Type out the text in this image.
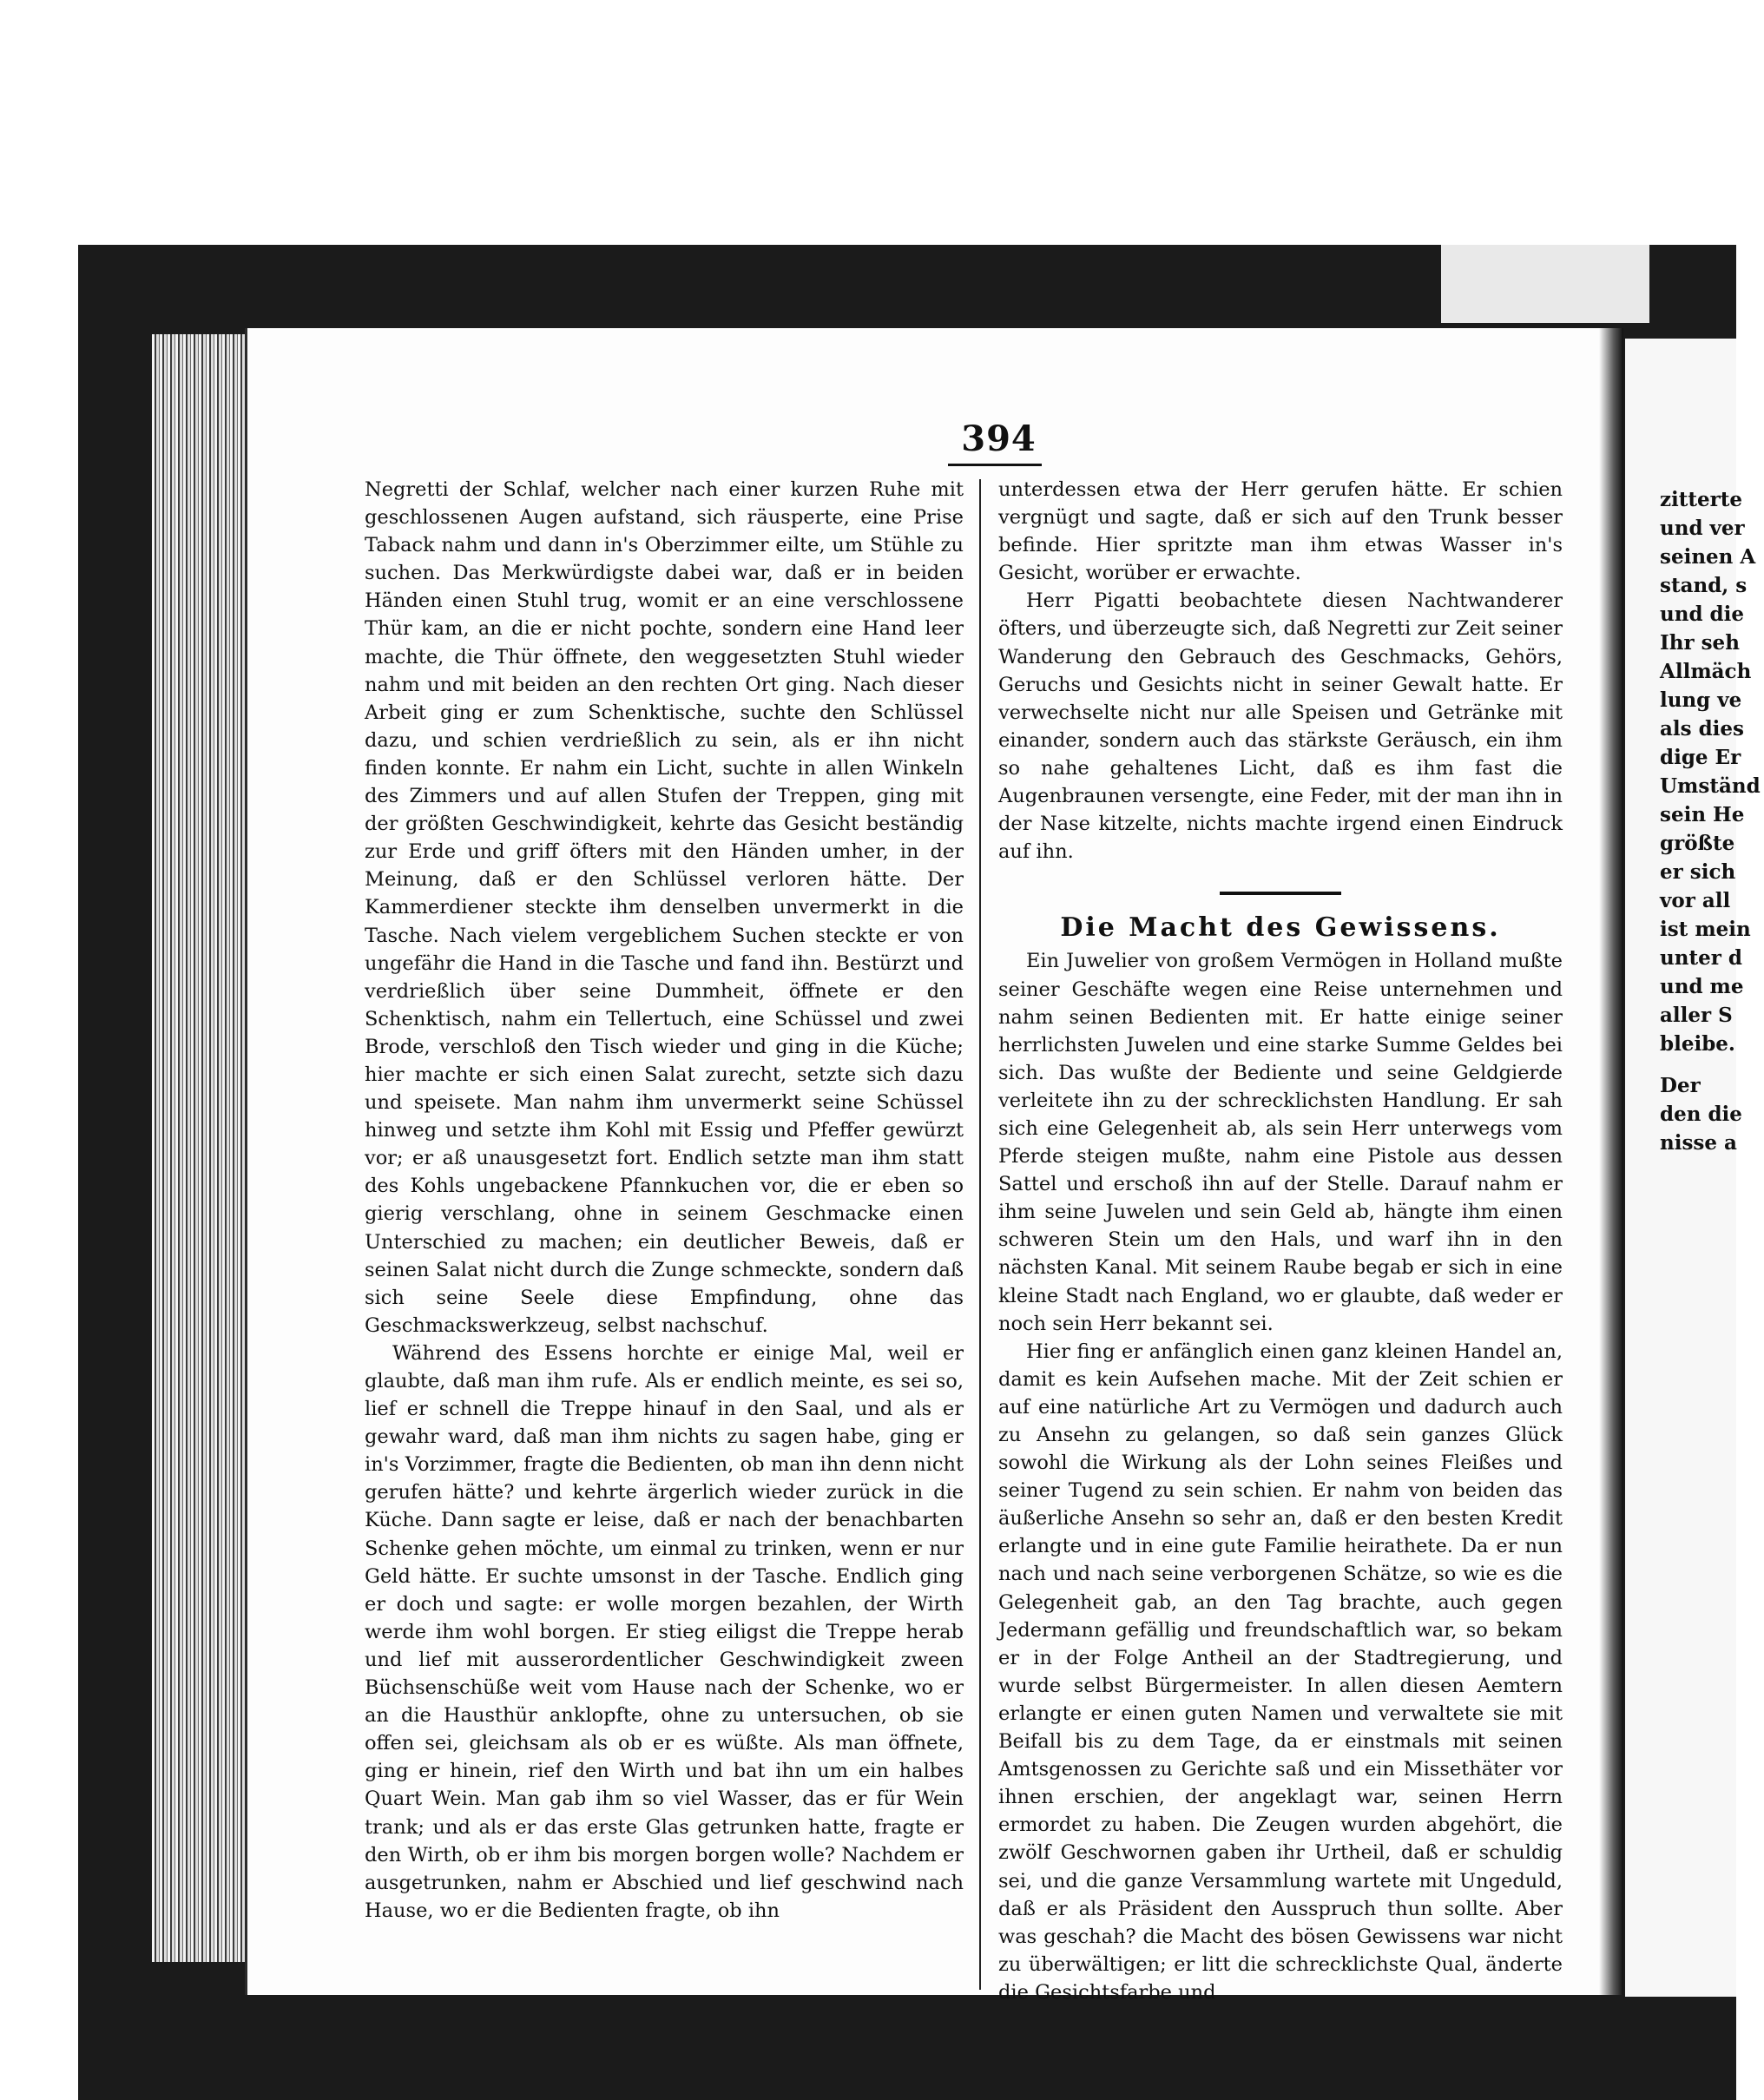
zitterte
und ver
seinen A
stand, s
und die
Ihr seh
Allmäch
lung ve
als dies
dige Er
Umständ
sein He
größte
er sich
vor all
ist mein
unter d
und me
aller S
bleibe.
Der
den die
nisse a
394

Negretti der Schlaf, welcher nach einer kurzen Ruhe mit geschlossenen Augen aufstand, sich räusperte, eine Prise Taback nahm und dann in's Oberzimmer eilte, um Stühle zu suchen. Das Merkwürdigste dabei war, daß er in beiden Händen einen Stuhl trug, womit er an eine verschlossene Thür kam, an die er nicht pochte, sondern eine Hand leer machte, die Thür öffnete, den weggesetzten Stuhl wieder nahm und mit beiden an den rechten Ort ging. Nach dieser Arbeit ging er zum Schenktische, suchte den Schlüssel dazu, und schien verdrießlich zu sein, als er ihn nicht finden konnte. Er nahm ein Licht, suchte in allen Winkeln des Zimmers und auf allen Stufen der Treppen, ging mit der größten Geschwindigkeit, kehrte das Gesicht beständig zur Erde und griff öfters mit den Händen umher, in der Meinung, daß er den Schlüssel verloren hätte. Der Kammerdiener steckte ihm denselben unvermerkt in die Tasche. Nach vielem vergeblichem Suchen steckte er von ungefähr die Hand in die Tasche und fand ihn. Bestürzt und verdrießlich über seine Dummheit, öffnete er den Schenktisch, nahm ein Tellertuch, eine Schüssel und zwei Brode, verschloß den Tisch wieder und ging in die Küche; hier machte er sich einen Salat zurecht, setzte sich dazu und speisete. Man nahm ihm unvermerkt seine Schüssel hinweg und setzte ihm Kohl mit Essig und Pfeffer gewürzt vor; er aß unausgesetzt fort. Endlich setzte man ihm statt des Kohls ungebackene Pfannkuchen vor, die er eben so gierig verschlang, ohne in seinem Geschmacke einen Unterschied zu machen; ein deutlicher Beweis, daß er seinen Salat nicht durch die Zunge schmeckte, sondern daß sich seine Seele diese Empfindung, ohne das Geschmackswerkzeug, selbst nachschuf.

Während des Essens horchte er einige Mal, weil er glaubte, daß man ihm rufe. Als er endlich meinte, es sei so, lief er schnell die Treppe hinauf in den Saal, und als er gewahr ward, daß man ihm nichts zu sagen habe, ging er in's Vorzimmer, fragte die Bedienten, ob man ihn denn nicht gerufen hätte? und kehrte ärgerlich wieder zurück in die Küche. Dann sagte er leise, daß er nach der benachbarten Schenke gehen möchte, um einmal zu trinken, wenn er nur Geld hätte. Er suchte umsonst in der Tasche. Endlich ging er doch und sagte: er wolle morgen bezahlen, der Wirth werde ihm wohl borgen. Er stieg eiligst die Treppe herab und lief mit ausserordentlicher Geschwindigkeit zween Büchsenschüße weit vom Hause nach der Schenke, wo er an die Hausthür anklopfte, ohne zu untersuchen, ob sie offen sei, gleichsam als ob er es wüßte. Als man öffnete, ging er hinein, rief den Wirth und bat ihn um ein halbes Quart Wein. Man gab ihm so viel Wasser, das er für Wein trank; und als er das erste Glas getrunken hatte, fragte er den Wirth, ob er ihm bis morgen borgen wolle? Nachdem er ausgetrunken, nahm er Abschied und lief geschwind nach Hause, wo er die Bedienten fragte, ob ihn

unterdessen etwa der Herr gerufen hätte. Er schien vergnügt und sagte, daß er sich auf den Trunk besser befinde. Hier spritzte man ihm etwas Wasser in's Gesicht, worüber er erwachte.

Herr Pigatti beobachtete diesen Nachtwanderer öfters, und überzeugte sich, daß Negretti zur Zeit seiner Wanderung den Gebrauch des Geschmacks, Gehörs, Geruchs und Gesichts nicht in seiner Gewalt hatte. Er verwechselte nicht nur alle Speisen und Getränke mit einander, sondern auch das stärkste Geräusch, ein ihm so nahe gehaltenes Licht, daß es ihm fast die Augenbraunen versengte, eine Feder, mit der man ihn in der Nase kitzelte, nichts machte irgend einen Eindruck auf ihn.

Die Macht des Gewissens.

Ein Juwelier von großem Vermögen in Holland mußte seiner Geschäfte wegen eine Reise unternehmen und nahm seinen Bedienten mit. Er hatte einige seiner herrlichsten Juwelen und eine starke Summe Geldes bei sich. Das wußte der Bediente und seine Geldgierde verleitete ihn zu der schrecklichsten Handlung. Er sah sich eine Gelegenheit ab, als sein Herr unterwegs vom Pferde steigen mußte, nahm eine Pistole aus dessen Sattel und erschoß ihn auf der Stelle. Darauf nahm er ihm seine Juwelen und sein Geld ab, hängte ihm einen schweren Stein um den Hals, und warf ihn in den nächsten Kanal. Mit seinem Raube begab er sich in eine kleine Stadt nach England, wo er glaubte, daß weder er noch sein Herr bekannt sei.

Hier fing er anfänglich einen ganz kleinen Handel an, damit es kein Aufsehen mache. Mit der Zeit schien er auf eine natürliche Art zu Vermögen und dadurch auch zu Ansehn zu gelangen, so daß sein ganzes Glück sowohl die Wirkung als der Lohn seines Fleißes und seiner Tugend zu sein schien. Er nahm von beiden das äußerliche Ansehn so sehr an, daß er den besten Kredit erlangte und in eine gute Familie heirathete. Da er nun nach und nach seine verborgenen Schätze, so wie es die Gelegenheit gab, an den Tag brachte, auch gegen Jedermann gefällig und freundschaftlich war, so bekam er in der Folge Antheil an der Stadtregierung, und wurde selbst Bürgermeister. In allen diesen Aemtern erlangte er einen guten Namen und verwaltete sie mit Beifall bis zu dem Tage, da er einstmals mit seinen Amtsgenossen zu Gerichte saß und ein Missethäter vor ihnen erschien, der angeklagt war, seinen Herrn ermordet zu haben. Die Zeugen wurden abgehört, die zwölf Geschwornen gaben ihr Urtheil, daß er schuldig sei, und die ganze Versammlung wartete mit Ungeduld, daß er als Präsident den Ausspruch thun sollte. Aber was geschah? die Macht des bösen Gewissens war nicht zu überwältigen; er litt die schrecklichste Qual, änderte die Gesichtsfarbe und
